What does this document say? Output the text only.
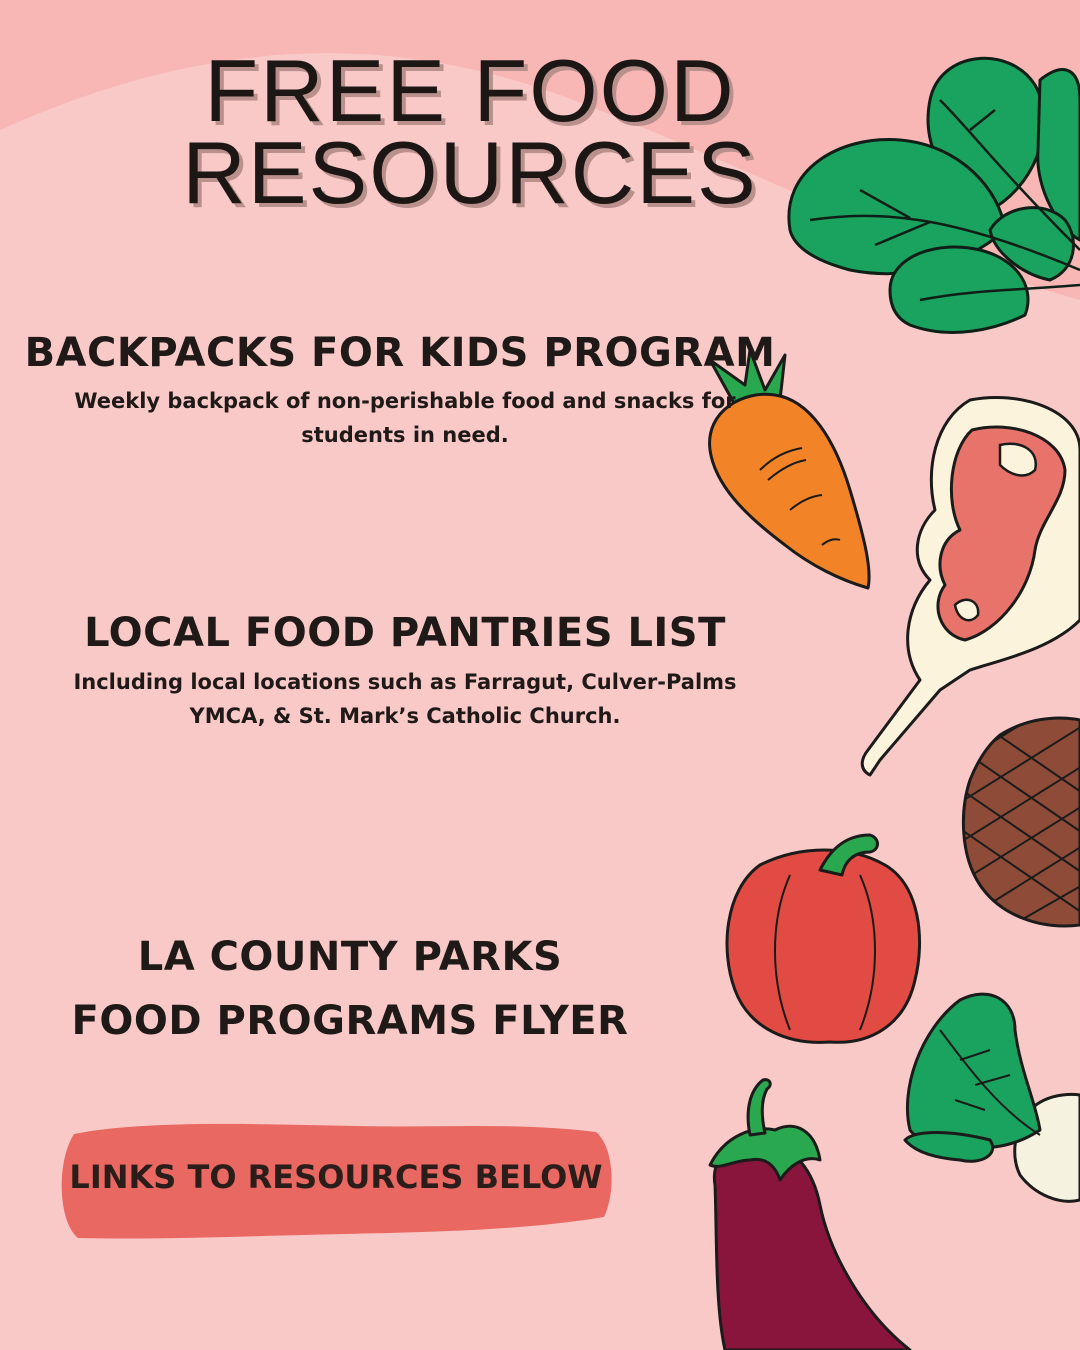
FREE FOOD
RESOURCES
BACKPACKS FOR KIDS PROGRAM
Weekly backpack of non-perishable food and snacks for
students in need.
LOCAL FOOD PANTRIES LIST
Including local locations such as Farragut, Culver-Palms
YMCA, & St. Mark’s Catholic Church.
LA COUNTY PARKS
FOOD PROGRAMS FLYER
LINKS TO RESOURCES BELOW
